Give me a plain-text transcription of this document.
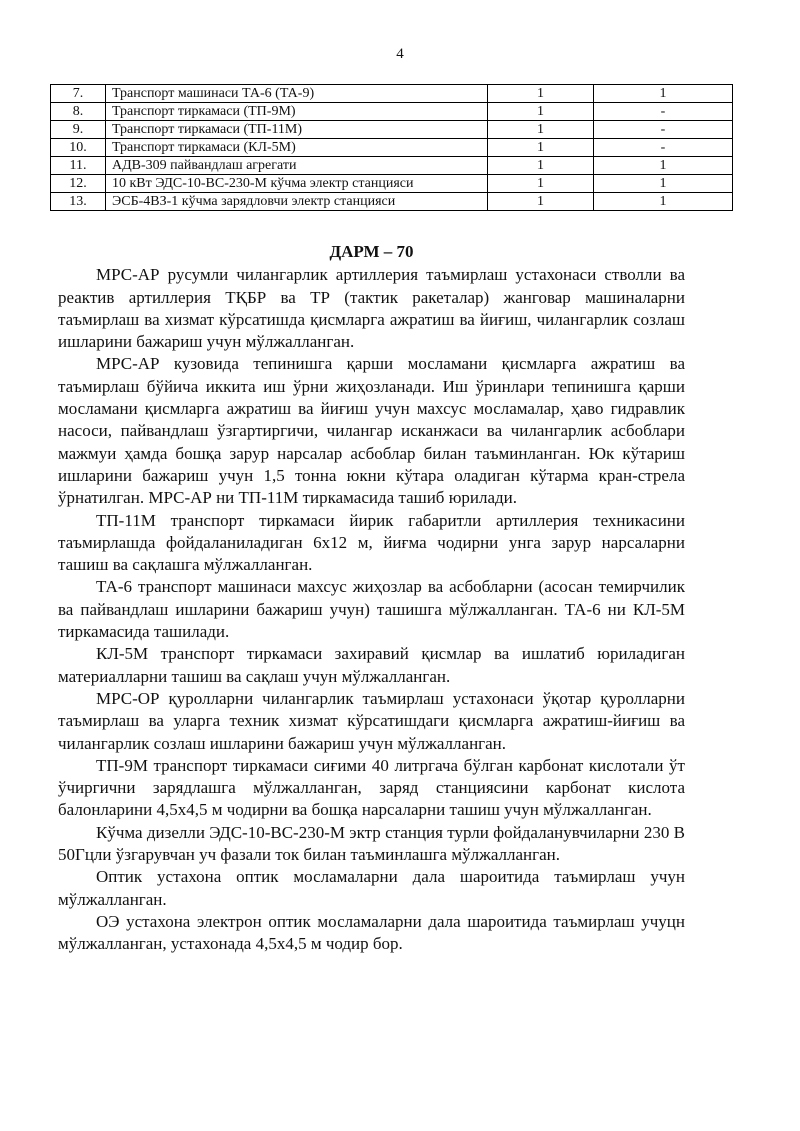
4
7.	Транспорт машинаси ТА-6 (ТА-9)	1	1
8.	Транспорт тиркамаси (ТП-9М)	1	-
9.	Транспорт тиркамаси (ТП-11М)	1	-
10.	Транспорт тиркамаси (КЛ-5М)	1	-
11.	АДВ-309 пайвандлаш агрегати	1	1
12.	10 кВт ЭДС-10-ВС-230-М кўчма электр станцияси	1	1
13.	ЭСБ-4ВЗ-1 кўчма зарядловчи электр станцияси	1	1
ДАРМ – 70

МРС-АР русумли чилангарлик артиллерия таъмирлаш устахонаси стволли ва реактив артиллерия ТҚБР ва ТР (тактик ракеталар) жанговар машиналарни таъмирлаш ва хизмат кўрсатишда қисмларга ажратиш ва йиғиш, чилангарлик созлаш ишларини бажариш учун мўлжалланган.

МРС-АР кузовида тепинишга қарши мосламани қисмларга ажратиш ва таъмирлаш бўйича иккита иш ўрни жиҳозланади. Иш ўринлари тепинишга қарши мосламани қисмларга ажратиш ва йиғиш учун махсус мосламалар, ҳаво гидравлик насоси, пайвандлаш ўзгартиргичи, чилангар исканжаси ва чилангарлик асбоблари мажмуи ҳамда бошқа зарур нарсалар асбоблар билан таъминланган. Юк кўтариш ишларини бажариш учун 1,5 тонна юкни кўтара оладиган кўтарма кран-стрела ўрнатилган. МРС-АР ни ТП-11М тиркамасида ташиб юрилади.

ТП-11М транспорт тиркамаси йирик габаритли артиллерия техникасини таъмирлашда фойдаланиладиган 6х12 м, йиғма чодирни унга зарур нарсаларни ташиш ва сақлашга мўлжалланган.

ТА-6 транспорт машинаси махсус жиҳозлар ва асбобларни (асосан темирчилик ва пайвандлаш ишларини бажариш учун) ташишга мўлжалланган. ТА-6 ни КЛ-5М тиркамасида ташилади.

КЛ-5М транспорт тиркамаси захиравий қисмлар ва ишлатиб юриладиган материалларни ташиш ва сақлаш учун мўлжалланган.

МРС-ОР қуролларни чилангарлик таъмирлаш устахонаси ўқотар қуролларни таъмирлаш ва уларга техник хизмат кўрсатишдаги қисмларга ажратиш-йиғиш ва чилангарлик созлаш ишларини бажариш учун мўлжалланган.

ТП-9М транспорт тиркамаси сиғими 40 литргача бўлган карбонат кислотали ўт ўчиргични зарядлашга мўлжалланган, заряд станциясини карбонат кислота балонларини 4,5х4,5 м чодирни ва бошқа нарсаларни ташиш учун мўлжалланган.

Кўчма дизелли ЭДС-10-ВС-230-М эктр станция турли фойдаланувчиларни 230 В 50Гцли ўзгарувчан уч фазали ток билан таъминлашга мўлжалланган.

Оптик устахона оптик мосламаларни дала шароитида таъмирлаш учун мўлжалланган.

ОЭ устахона электрон оптик мосламаларни дала шароитида таъмирлаш учуцн мўлжалланган, устахонада 4,5х4,5 м чодир бор.
